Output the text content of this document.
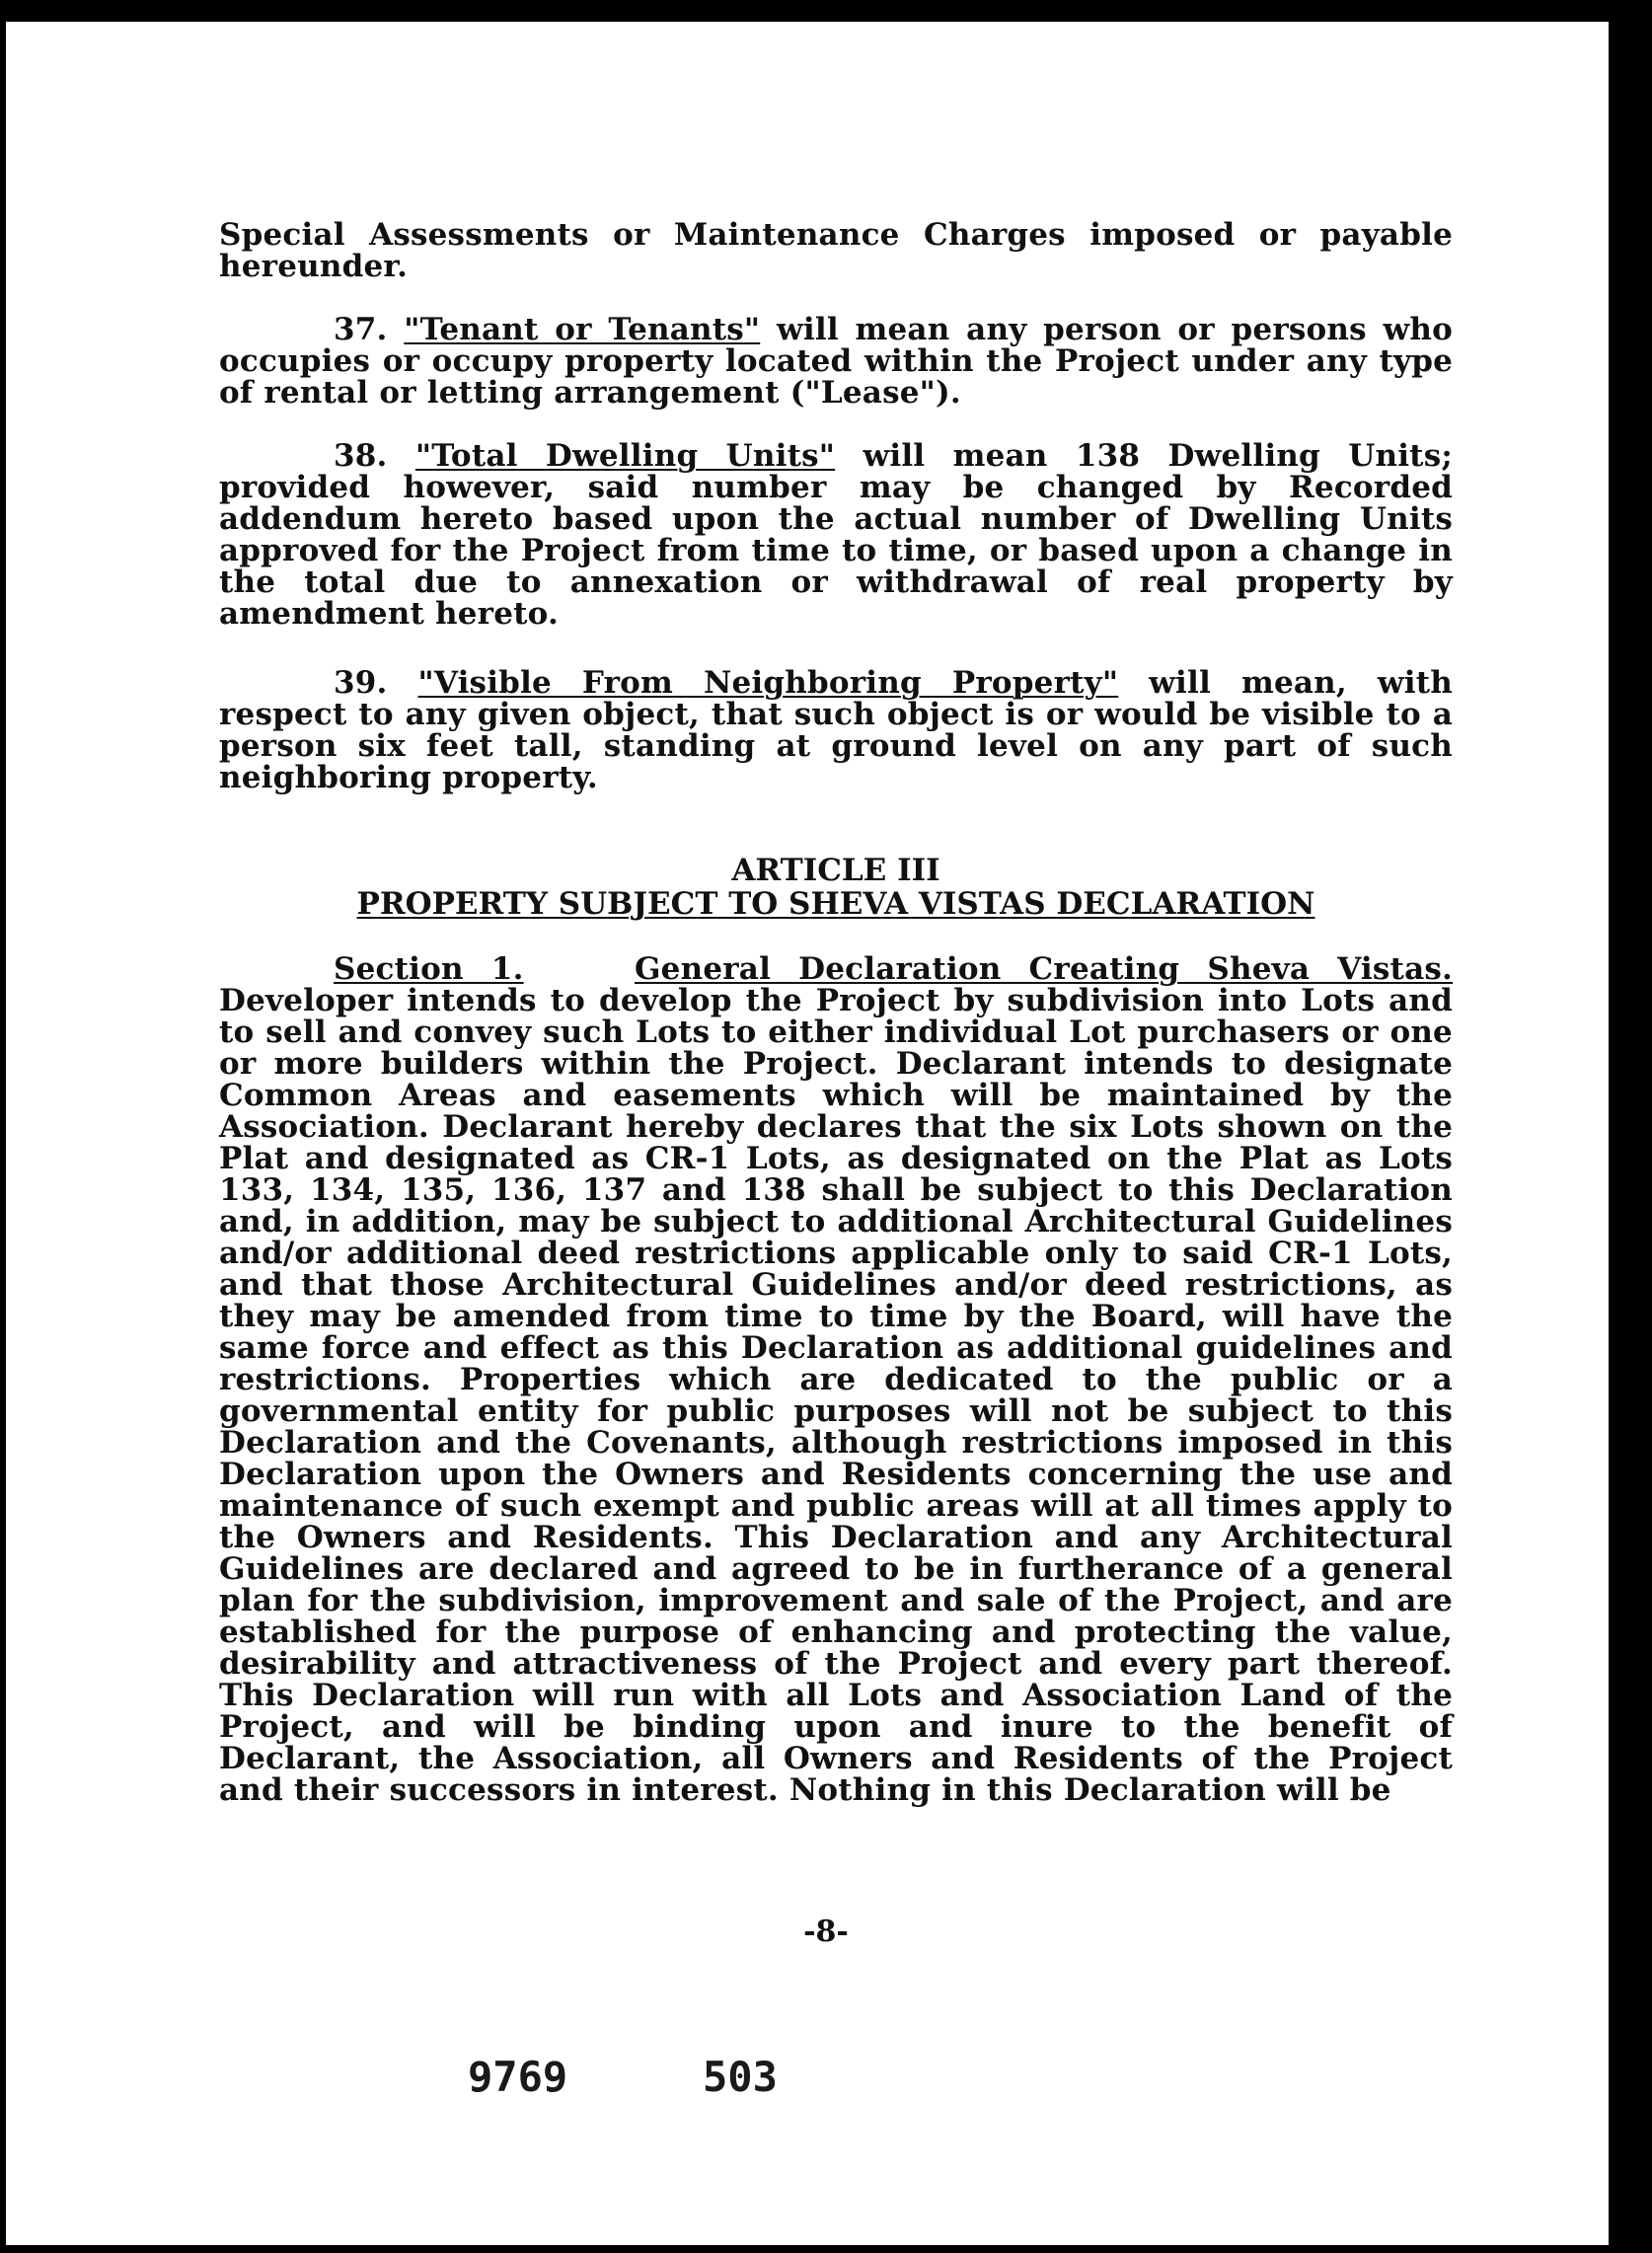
Special Assessments or Maintenance Charges imposed or payable hereunder.
37. "Tenant or Tenants" will mean any person or persons who occupies or occupy property located within the Project under any type of rental or letting arrangement ("Lease").
38. "Total Dwelling Units" will mean 138 Dwelling Units; provided however, said number may be changed by Recorded addendum hereto based upon the actual number of Dwelling Units approved for the Project from time to time, or based upon a change in the total due to annexation or withdrawal of real property by amendment hereto.
39. "Visible From Neighboring Property" will mean, with respect to any given object, that such object is or would be visible to a person six feet tall, standing at ground level on any part of such neighboring property.
ARTICLE III
PROPERTY SUBJECT TO SHEVA VISTAS DECLARATION
Section 1.	General Declaration Creating Sheva Vistas. Developer intends to develop the Project by subdivision into Lots and to sell and convey such Lots to either individual Lot purchasers or one or more builders within the Project. Declarant intends to designate Common Areas and easements which will be maintained by the Association. Declarant hereby declares that the six Lots shown on the Plat and designated as CR-1 Lots, as designated on the Plat as Lots 133, 134, 135, 136, 137 and 138 shall be subject to this Declaration and, in addition, may be subject to additional Architectural Guidelines and/or additional deed restrictions applicable only to said CR-1 Lots, and that those Architectural Guidelines and/or deed restrictions, as they may be amended from time to time by the Board, will have the same force and effect as this Declaration as additional guidelines and restrictions. Properties which are dedicated to the public or a governmental entity for public purposes will not be subject to this Declaration and the Covenants, although restrictions imposed in this Declaration upon the Owners and Residents concerning the use and maintenance of such exempt and public areas will at all times apply to the Owners and Residents. This Declaration and any Architectural Guidelines are declared and agreed to be in furtherance of a general plan for the subdivision, improvement and sale of the Project, and are established for the purpose of enhancing and protecting the value, desirability and attractiveness of the Project and every part thereof. This Declaration will run with all Lots and Association Land of the Project, and will be binding upon and inure to the benefit of Declarant, the Association, all Owners and Residents of the Project and their successors in interest. Nothing in this Declaration will be
-8-
9769	503
